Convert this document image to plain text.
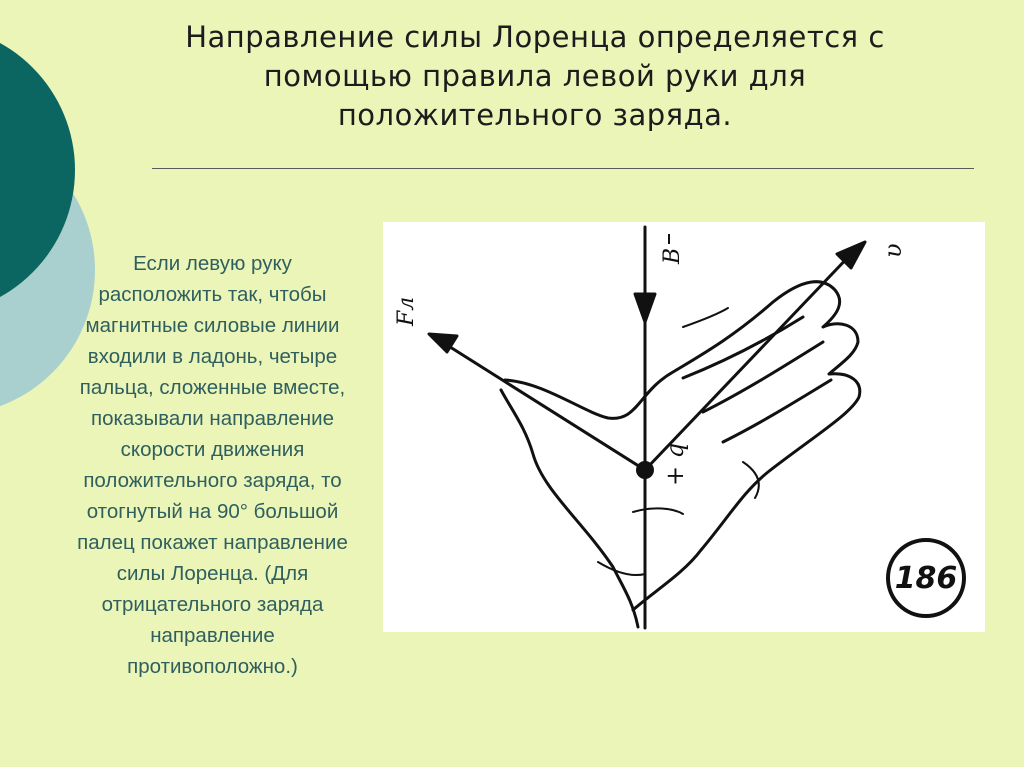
Направление силы Лоренца определяется с
помощью правила левой руки для
положительного заряда.
Если левую руку
расположить так, чтобы
магнитные силовые линии
входили в ладонь, четыре
пальца, сложенные вместе,
показывали направление
скорости движения
положительного заряда, то
отогнутый на 90° большой
палец покажет направление
силы Лоренца. (Для
отрицательного заряда
направление
противоположно.)
B	υ
Fл
+ q
186
